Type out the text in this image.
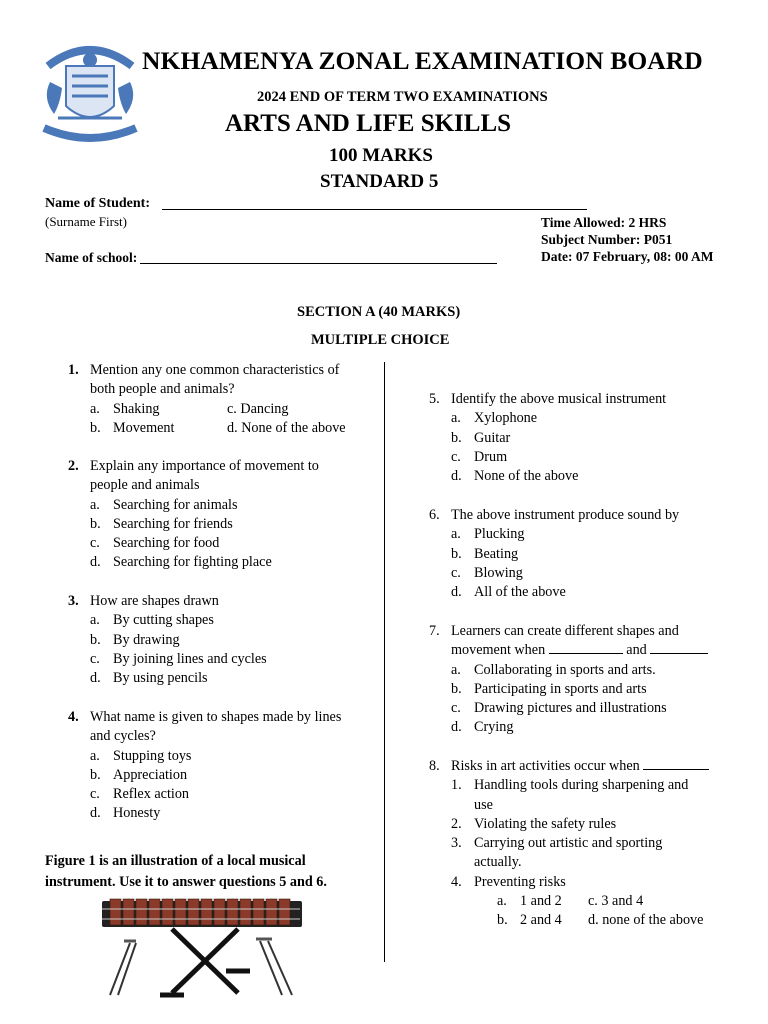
NKHAMENYA ZONAL EXAMINATION BOARD
2024 END OF TERM TWO EXAMINATIONS
ARTS AND LIFE SKILLS
100 MARKS
STANDARD 5
Name of Student:
(Surname First)	Time Allowed: 2 HRS
Subject Number: P051
Name of school:	Date: 07 February, 08: 00 AM
SECTION A (40 MARKS)
MULTIPLE CHOICE
1. Mention any one common characteristics of both people and animals?
a. Shaking	c. Dancing
b. Movement	d. None of the above
2. Explain any importance of movement to people and animals
a. Searching for animals
b. Searching for friends
c. Searching for food
d. Searching for fighting place
3. How are shapes drawn
a. By cutting shapes
b. By drawing
c. By joining lines and cycles
d. By using pencils
4. What name is given to shapes made by lines and cycles?
a. Stupping toys
b. Appreciation
c. Reflex action
d. Honesty
Figure 1 is an illustration of a local musical
instrument. Use it to answer questions 5 and 6.
5. Identify the above musical instrument
a. Xylophone
b. Guitar
c. Drum
d. None of the above
6. The above instrument produce sound by
a. Plucking
b. Beating
c. Blowing
d. All of the above
7. Learners can create different shapes and
movement when	and
a. Collaborating in sports and arts.
b. Participating in sports and arts
c. Drawing pictures and illustrations
d. Crying
8. Risks in art activities occur when
1. Handling tools during sharpening and use
2. Violating the safety rules
3. Carrying out artistic and sporting actually.
4. Preventing risks
a. 1 and 2	c. 3 and 4
b. 2 and 4	d. none of the above
